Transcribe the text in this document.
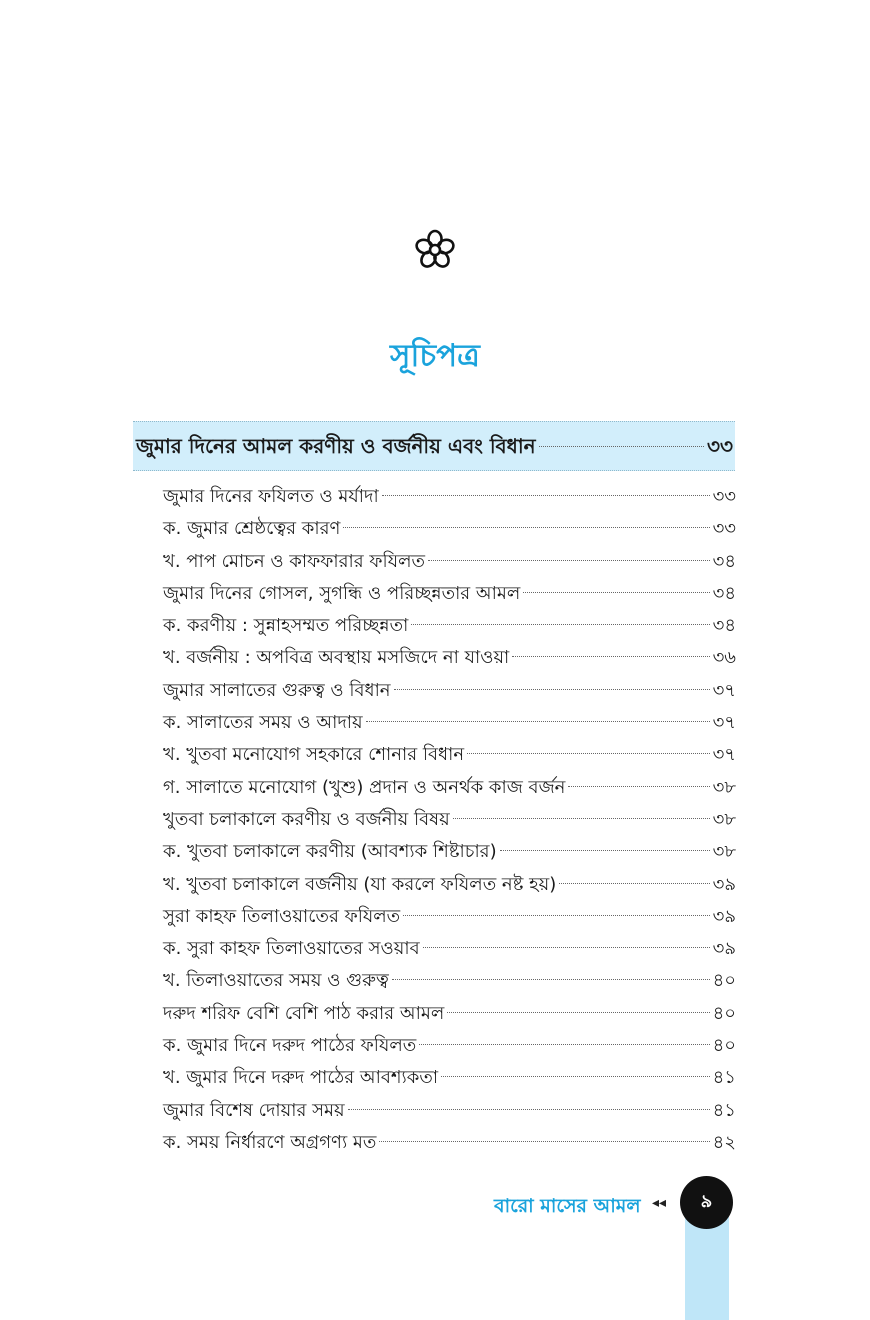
সূচিপত্র
জুমার দিনের আমল করণীয় ও বর্জনীয় এবং বিধান	৩৩
জুমার দিনের ফযিলত ও মর্যাদা	৩৩
ক. জুমার শ্রেষ্ঠত্বের কারণ	৩৩
খ. পাপ মোচন ও কাফফারার ফযিলত	৩৪
জুমার দিনের গোসল, সুগন্ধি ও পরিচ্ছন্নতার আমল	৩৪
ক. করণীয় : সুন্নাহসম্মত পরিচ্ছন্নতা	৩৪
খ. বর্জনীয় : অপবিত্র অবস্থায় মসজিদে না যাওয়া	৩৬
জুমার সালাতের গুরুত্ব ও বিধান	৩৭
ক. সালাতের সময় ও আদায়	৩৭
খ. খুতবা মনোযোগ সহকারে শোনার বিধান	৩৭
গ. সালাতে মনোযোগ (খুশু) প্রদান ও অনর্থক কাজ বর্জন	৩৮
খুতবা চলাকালে করণীয় ও বর্জনীয় বিষয়	৩৮
ক. খুতবা চলাকালে করণীয় (আবশ্যক শিষ্টাচার)	৩৮
খ. খুতবা চলাকালে বর্জনীয় (যা করলে ফযিলত নষ্ট হয়)	৩৯
সুরা কাহফ তিলাওয়াতের ফযিলত	৩৯
ক. সুরা কাহফ তিলাওয়াতের সওয়াব	৩৯
খ. তিলাওয়াতের সময় ও গুরুত্ব	৪০
দরুদ শরিফ বেশি বেশি পাঠ করার আমল	৪০
ক. জুমার দিনে দরুদ পাঠের ফযিলত	৪০
খ. জুমার দিনে দরুদ পাঠের আবশ্যকতা	৪১
জুমার বিশেষ দোয়ার সময়	৪১
ক. সময় নির্ধারণে অগ্রগণ্য মত	৪২
বারো মাসের আমল ◂◂ ৯
